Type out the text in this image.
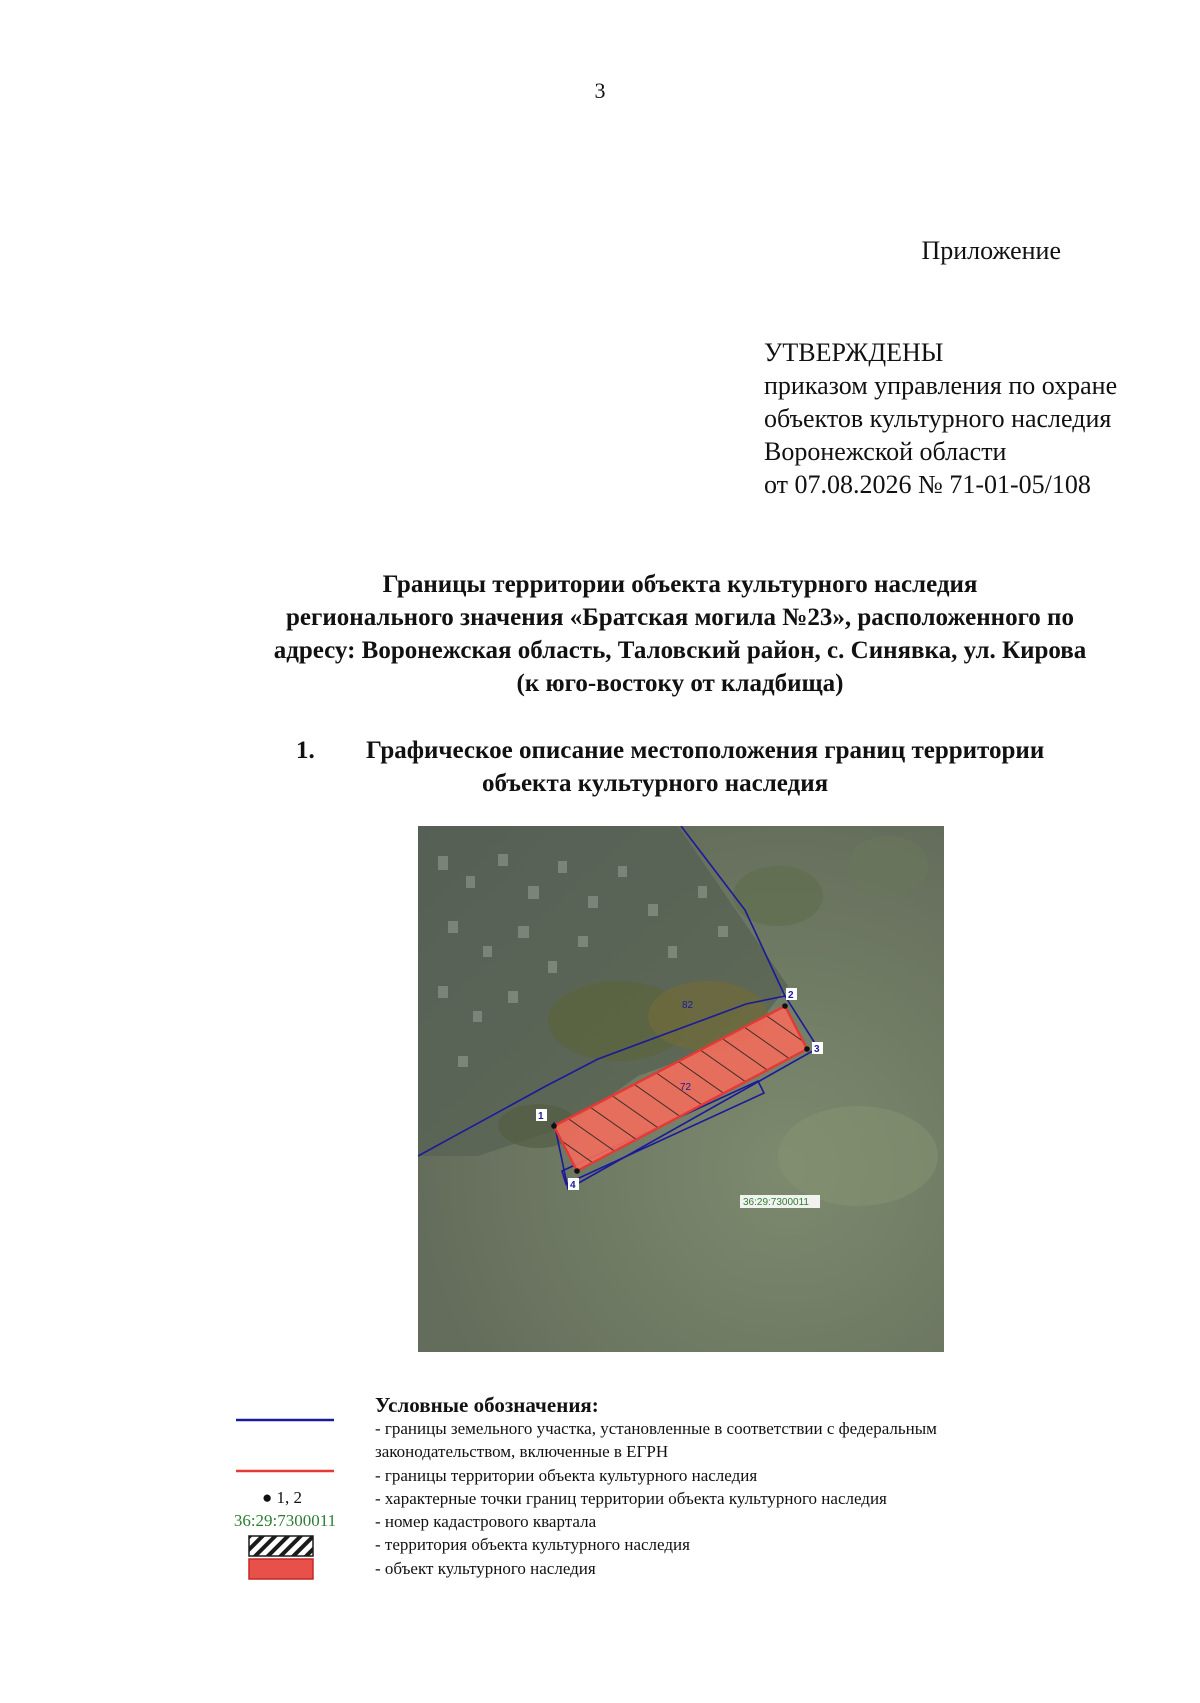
3
Приложение
УТВЕРЖДЕНЫ
приказом управления по охране
объектов культурного наследия
Воронежской области
от 07.08.2026 № 71-01-05/108
Границы территории объекта культурного наследия
регионального значения «Братская могила №23», расположенного по
адресу: Воронежская область, Таловский район, с. Синявка, ул. Кирова
(к юго-востоку от кладбища)
1. Графическое описание местоположения границ территории
объекта культурного наследия
1
2
3
4
82
72
36:29:7300011
Условные обозначения:
- границы земельного участка, установленные в соответствии с федеральным
законодательством, включенные в ЕГРН
- границы территории объекта культурного наследия
● 1, 2	- характерные точки границ территории объекта культурного наследия
36:29:7300011	- номер кадастрового квартала
- территория объекта культурного наследия
- объект культурного наследия
